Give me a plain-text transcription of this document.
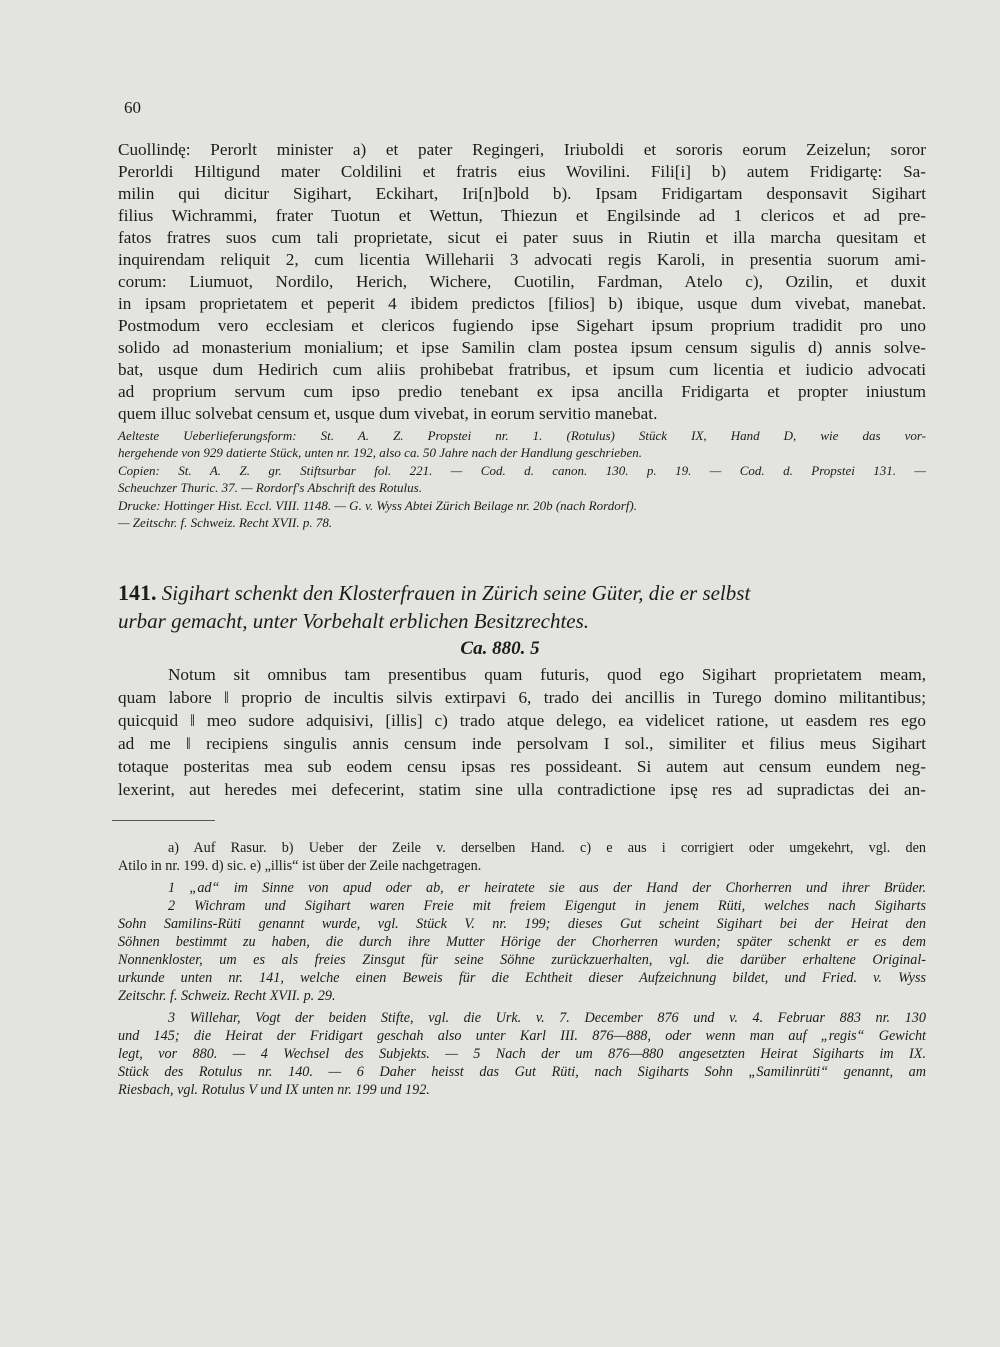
60
Cuollindę: Perorlt minister a) et pater Regingeri, Iriuboldi et sororis eorum Zeizelun; soror
Perorldi Hiltigund mater Coldilini et fratris eius Wovilini. Fili[i] b) autem Fridigartę: Sa-
milin qui dicitur Sigihart, Eckihart, Iri[n]bold b). Ipsam Fridigartam desponsavit Sigihart
filius Wichrammi, frater Tuotun et Wettun, Thiezun et Engilsinde ad 1 clericos et ad pre-
fatos fratres suos cum tali proprietate, sicut ei pater suus in Riutin et illa marcha quesitam et
inquirendam reliquit 2, cum licentia Willeharii 3 advocati regis Karoli, in presentia suorum ami-
corum: Liumuot, Nordilo, Herich, Wichere, Cuotilin, Fardman, Atelo c), Ozilin, et duxit
in ipsam proprietatem et peperit 4 ibidem predictos [filios] b) ibique, usque dum vivebat, manebat.
Postmodum vero ecclesiam et clericos fugiendo ipse Sigehart ipsum proprium tradidit pro uno
solido ad monasterium monialium; et ipse Samilin clam postea ipsum censum sigulis d) annis solve-
bat, usque dum Hedirich cum aliis prohibebat fratribus, et ipsum cum licentia et iudicio advocati
ad proprium servum cum ipso predio tenebant ex ipsa ancilla Fridigarta et propter iniustum
quem illuc solvebat censum et, usque dum vivebat, in eorum servitio manebat.
Aelteste Ueberlieferungsform: St. A. Z. Propstei nr. 1. (Rotulus) Stück IX, Hand D, wie das vor-
hergehende von 929 datierte Stück, unten nr. 192, also ca. 50 Jahre nach der Handlung geschrieben.
Copien: St. A. Z. gr. Stiftsurbar fol. 221. — Cod. d. canon. 130. p. 19. — Cod. d. Propstei 131. —
Scheuchzer Thuric. 37. — Rordorf's Abschrift des Rotulus.
Drucke: Hottinger Hist. Eccl. VIII. 1148. — G. v. Wyss Abtei Zürich Beilage nr. 20b (nach Rordorf).
— Zeitschr. f. Schweiz. Recht XVII. p. 78.
141. Sigihart schenkt den Klosterfrauen in Zürich seine Güter, die er selbst
urbar gemacht, unter Vorbehalt erblichen Besitzrechtes.
Ca. 880. 5
Notum sit omnibus tam presentibus quam futuris, quod ego Sigihart proprietatem meam,
quam labore ‖ proprio de incultis silvis extirpavi 6, trado dei ancillis in Turego domino militantibus;
quicquid ‖ meo sudore adquisivi, [illis] c) trado atque delego, ea videlicet ratione, ut easdem res ego
ad me ‖ recipiens singulis annis censum inde persolvam I sol., similiter et filius meus Sigihart
totaque posteritas mea sub eodem censu ipsas res possideant. Si autem aut censum eundem neg-
lexerint, aut heredes mei defecerint, statim sine ulla contradictione ipsę res ad supradictas dei an-
a) Auf Rasur. b) Ueber der Zeile v. derselben Hand. c) e aus i corrigiert oder umgekehrt, vgl. den
Atilo in nr. 199. d) sic. e) „illis“ ist über der Zeile nachgetragen.
1 „ad“ im Sinne von apud oder ab, er heiratete sie aus der Hand der Chorherren und ihrer Brüder.
2 Wichram und Sigihart waren Freie mit freiem Eigengut in jenem Rüti, welches nach Sigiharts
Sohn Samilins-Rüti genannt wurde, vgl. Stück V. nr. 199; dieses Gut scheint Sigihart bei der Heirat den
Söhnen bestimmt zu haben, die durch ihre Mutter Hörige der Chorherren wurden; später schenkt er es dem
Nonnenkloster, um es als freies Zinsgut für seine Söhne zurückzuerhalten, vgl. die darüber erhaltene Original-
urkunde unten nr. 141, welche einen Beweis für die Echtheit dieser Aufzeichnung bildet, und Fried. v. Wyss
Zeitschr. f. Schweiz. Recht XVII. p. 29.
3 Willehar, Vogt der beiden Stifte, vgl. die Urk. v. 7. December 876 und v. 4. Februar 883 nr. 130
und 145; die Heirat der Fridigart geschah also unter Karl III. 876—888, oder wenn man auf „regis“ Gewicht
legt, vor 880. — 4 Wechsel des Subjekts. — 5 Nach der um 876—880 angesetzten Heirat Sigiharts im IX.
Stück des Rotulus nr. 140. — 6 Daher heisst das Gut Rüti, nach Sigiharts Sohn „Samilinrüti“ genannt, am
Riesbach, vgl. Rotulus V und IX unten nr. 199 und 192.
